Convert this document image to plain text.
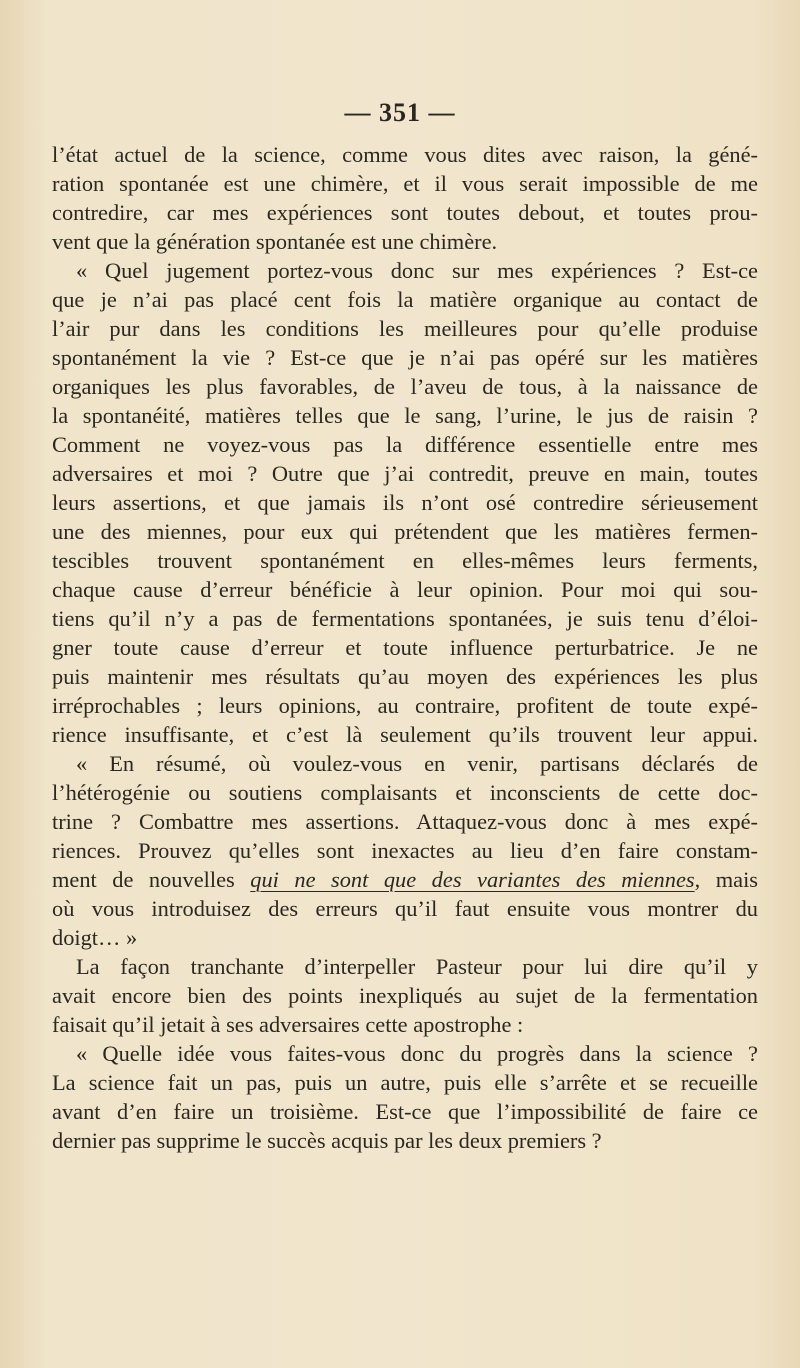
— 351 —
l’état actuel de la science, comme vous dites avec raison, la géné-
ration spontanée est une chimère, et il vous serait impossible de me
contredire, car mes expériences sont toutes debout, et toutes prou-
vent que la génération spontanée est une chimère.
« Quel jugement portez-vous donc sur mes expériences ? Est-ce
que je n’ai pas placé cent fois la matière organique au contact de
l’air pur dans les conditions les meilleures pour qu’elle produise
spontanément la vie ? Est-ce que je n’ai pas opéré sur les matières
organiques les plus favorables, de l’aveu de tous, à la naissance de
la spontanéité, matières telles que le sang, l’urine, le jus de raisin ?
Comment ne voyez-vous pas la différence essentielle entre mes
adversaires et moi ? Outre que j’ai contredit, preuve en main, toutes
leurs assertions, et que jamais ils n’ont osé contredire sérieusement
une des miennes, pour eux qui prétendent que les matières fermen-
tescibles trouvent spontanément en elles-mêmes leurs ferments,
chaque cause d’erreur bénéficie à leur opinion. Pour moi qui sou-
tiens qu’il n’y a pas de fermentations spontanées, je suis tenu d’éloi-
gner toute cause d’erreur et toute influence perturbatrice. Je ne
puis maintenir mes résultats qu’au moyen des expériences les plus
irréprochables ; leurs opinions, au contraire, profitent de toute expé-
rience insuffisante, et c’est là seulement qu’ils trouvent leur appui.
« En résumé, où voulez-vous en venir, partisans déclarés de
l’hétérogénie ou soutiens complaisants et inconscients de cette doc-
trine ? Combattre mes assertions. Attaquez-vous donc à mes expé-
riences. Prouvez qu’elles sont inexactes au lieu d’en faire constam-
ment de nouvelles qui ne sont que des variantes des miennes, mais
où vous introduisez des erreurs qu’il faut ensuite vous montrer du
doigt… »
La façon tranchante d’interpeller Pasteur pour lui dire qu’il y
avait encore bien des points inexpliqués au sujet de la fermentation
faisait qu’il jetait à ses adversaires cette apostrophe :
« Quelle idée vous faites-vous donc du progrès dans la science ?
La science fait un pas, puis un autre, puis elle s’arrête et se recueille
avant d’en faire un troisième. Est-ce que l’impossibilité de faire ce
dernier pas supprime le succès acquis par les deux premiers ?
